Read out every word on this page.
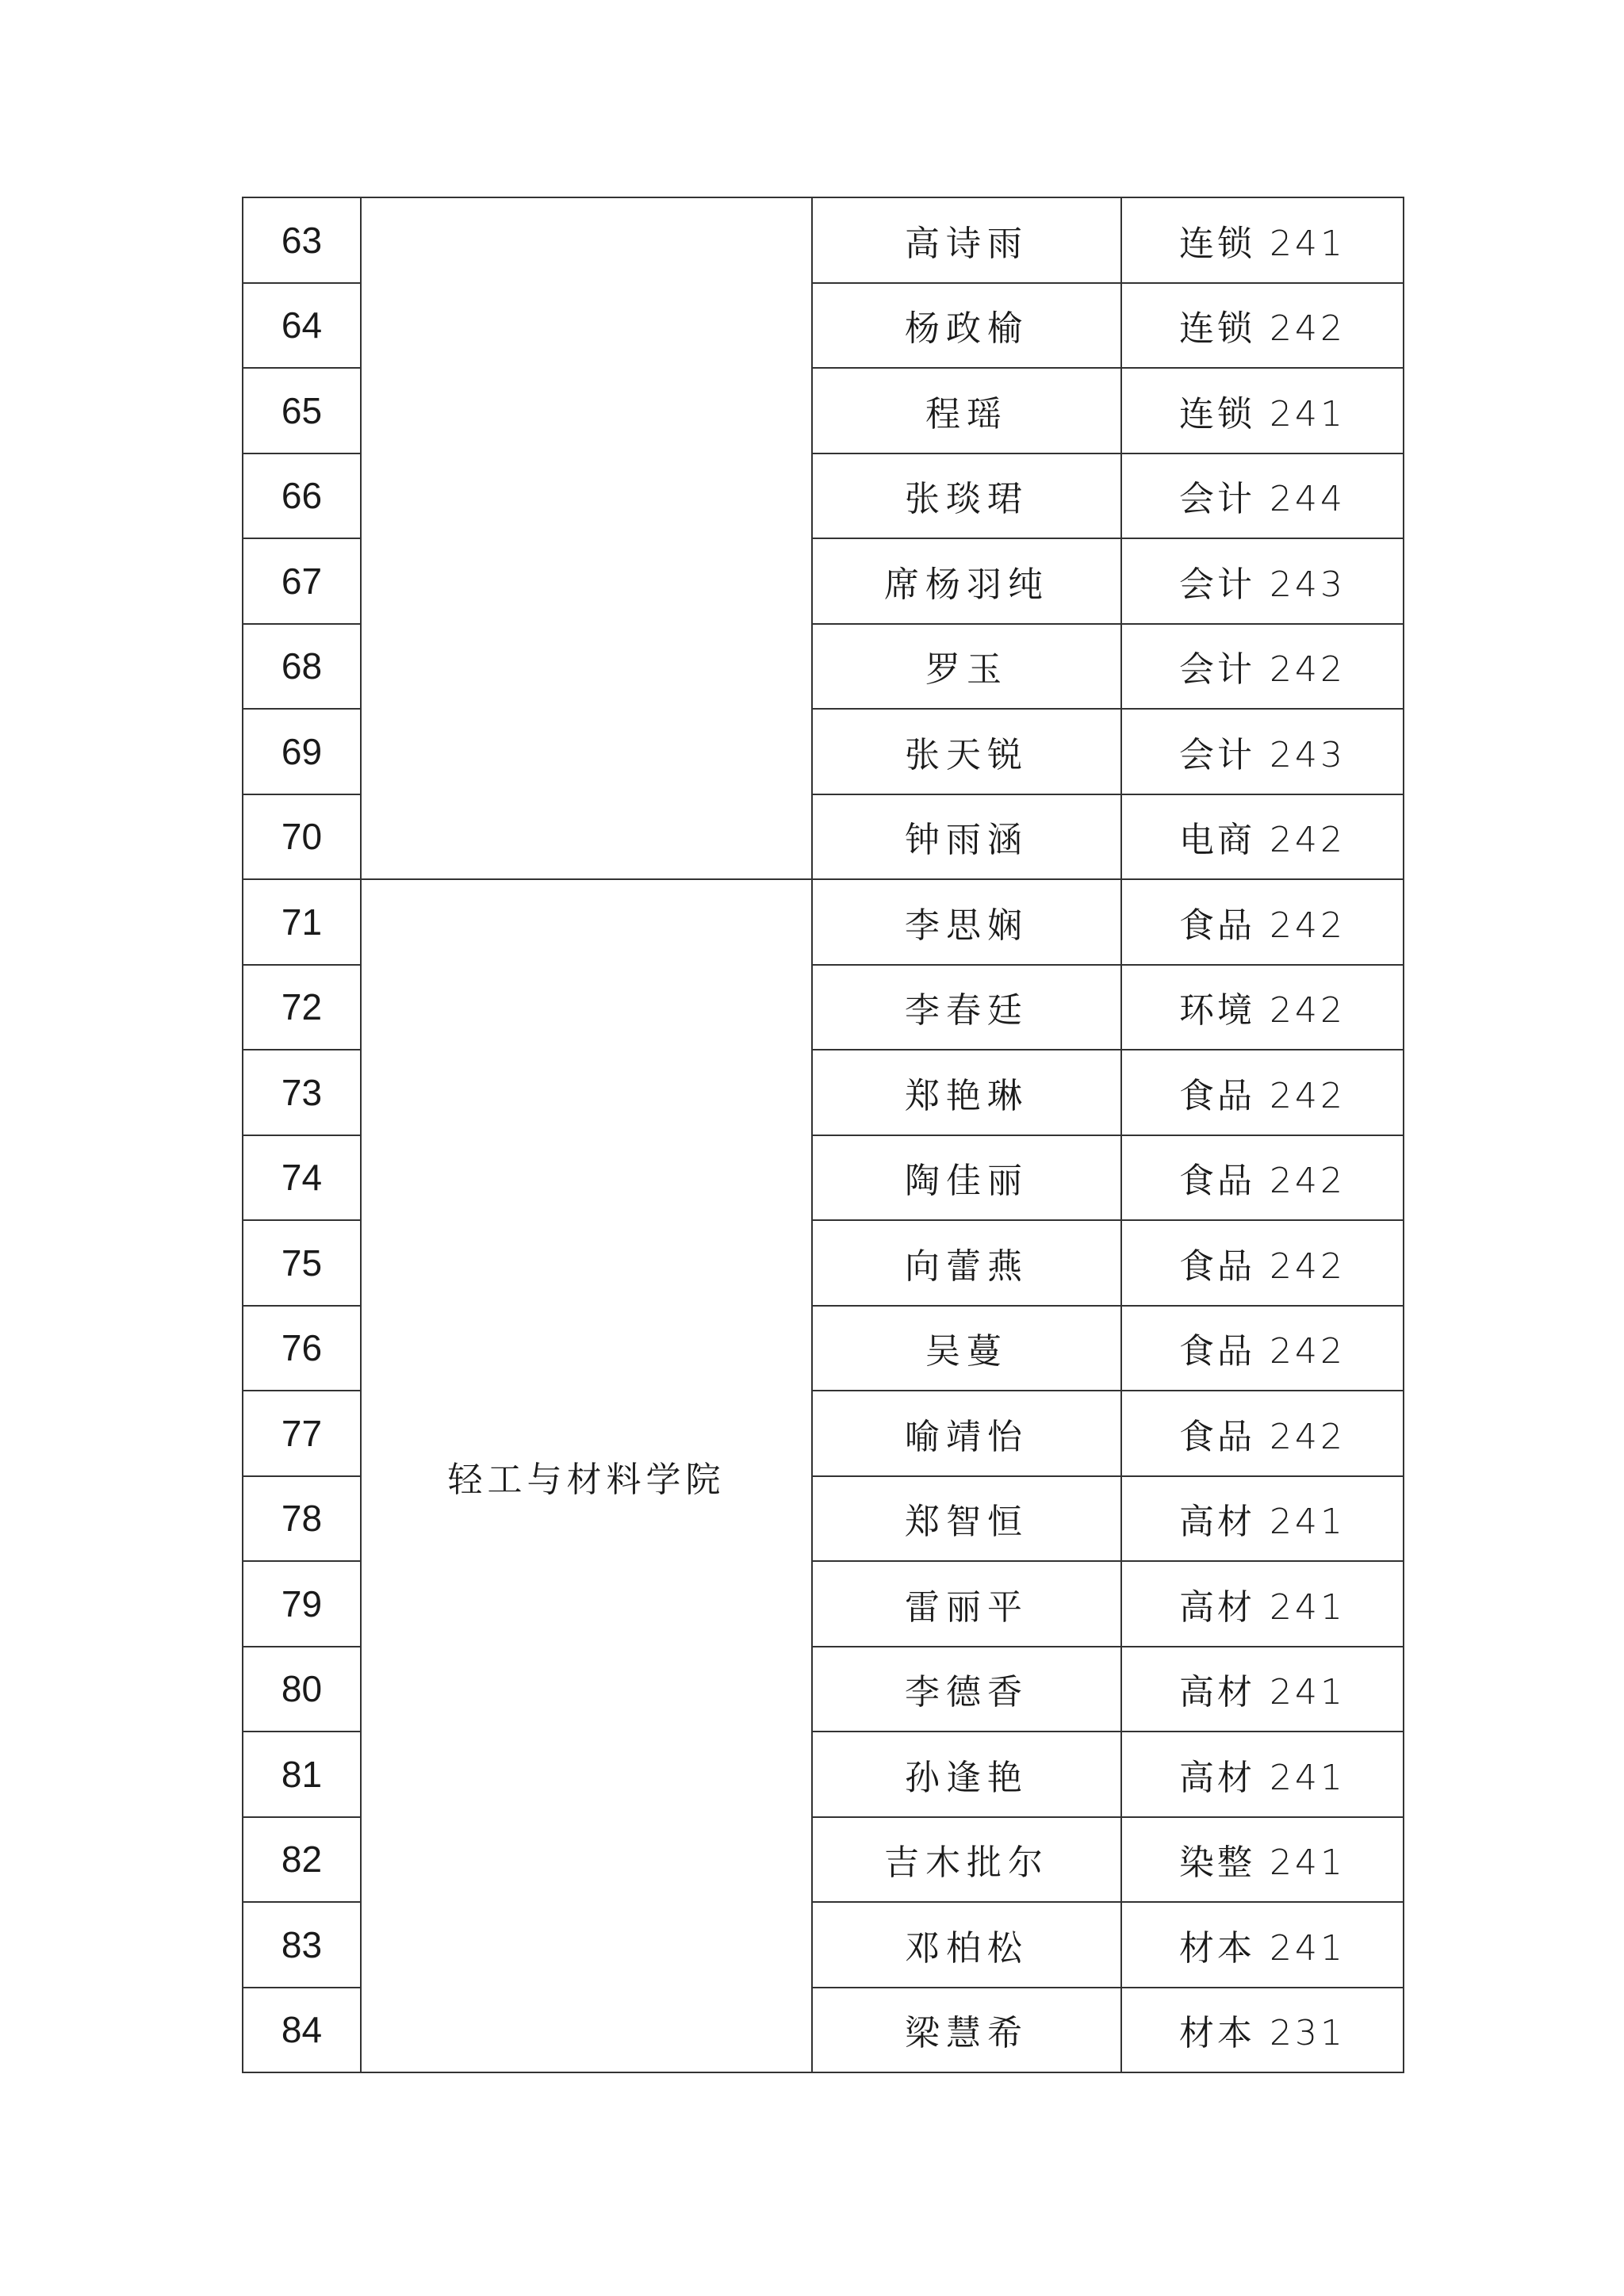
63		高诗雨	连锁 241
64		杨政榆	连锁 242
65		程瑶	连锁 241
66		张琰珺	会计 244
67		席杨羽纯	会计 243
68		罗玉	会计 242
69		张天锐	会计 243
70		钟雨涵	电商 242
71	轻工与材料学院	李思娴	食品 242
72		李春廷	环境 242
73		郑艳琳	食品 242
74		陶佳丽	食品 242
75		向蕾燕	食品 242
76		吴蔓	食品 242
77		喻靖怡	食品 242
78		郑智恒	高材 241
79		雷丽平	高材 241
80		李德香	高材 241
81		孙逢艳	高材 241
82		吉木批尔	染整 241
83		邓柏松	材本 241
84		梁慧希	材本 231
